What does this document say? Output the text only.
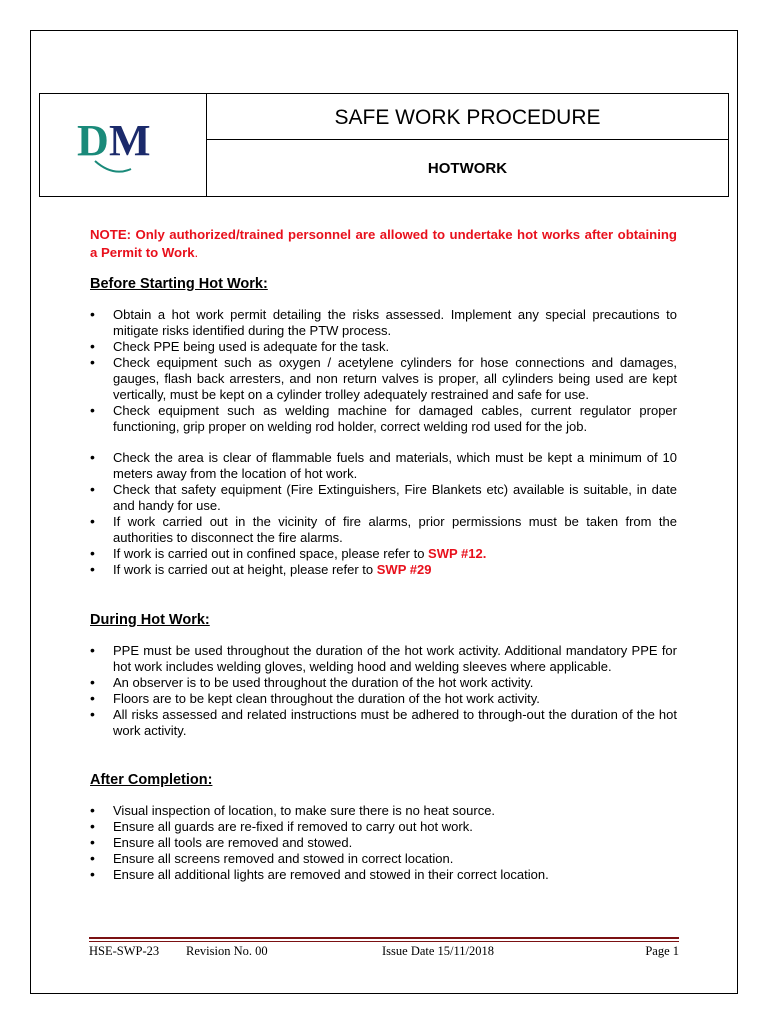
D M	SAFE WORK PROCEDURE
HOTWORK

NOTE: Only authorized/trained personnel are allowed to undertake hot works after obtaining a Permit to Work.

Before Starting Hot Work:
• Obtain a hot work permit detailing the risks assessed. Implement any special precautions to mitigate risks identified during the PTW process.
• Check PPE being used is adequate for the task.
• Check equipment such as oxygen / acetylene cylinders for hose connections and damages, gauges, flash back arresters, and non return valves is proper, all cylinders being used are kept vertically, must be kept on a cylinder trolley adequately restrained and safe for use.
• Check equipment such as welding machine for damaged cables, current regulator proper functioning, grip proper on welding rod holder, correct welding rod used for the job.
• Check the area is clear of flammable fuels and materials, which must be kept a minimum of 10 meters away from the location of hot work.
• Check that safety equipment (Fire Extinguishers, Fire Blankets etc) available is suitable, in date and handy for use.
• If work carried out in the vicinity of fire alarms, prior permissions must be taken from the authorities to disconnect the fire alarms.
• If work is carried out in confined space, please refer to SWP #12.
• If work is carried out at height, please refer to SWP #29
During Hot Work:
• PPE must be used throughout the duration of the hot work activity. Additional mandatory PPE for hot work includes welding gloves, welding hood and welding sleeves where applicable.
• An observer is to be used throughout the duration of the hot work activity.
• Floors are to be kept clean throughout the duration of the hot work activity.
• All risks assessed and related instructions must be adhered to through-out the duration of the hot work activity.
After Completion:
• Visual inspection of location, to make sure there is no heat source.
• Ensure all guards are re-fixed if removed to carry out hot work.
• Ensure all tools are removed and stowed.
• Ensure all screens removed and stowed in correct location.
• Ensure all additional lights are removed and stowed in their correct location.
HSE-SWP-23 Revision No. 00	Issue Date 15/11/2018	Page 1
